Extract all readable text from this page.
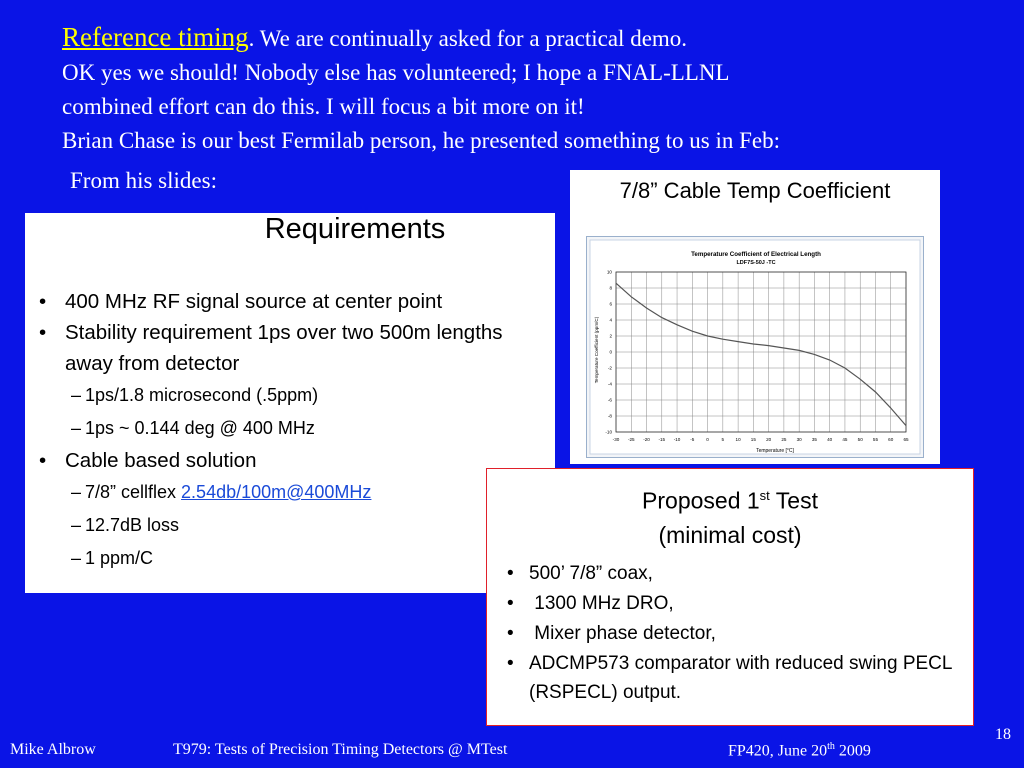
Reference timing. We are continually asked for a practical demo.
OK yes we should! Nobody else has volunteered; I hope a FNAL-LLNL
combined effort can do this. I will focus a bit more on it!
Brian Chase is our best Fermilab person, he presented something to us in Feb:
From his slides:
Requirements
• 400 MHz RF signal source at center point
• Stability requirement 1ps over two 500m lengths away from detector
– 1ps/1.8 microsecond (.5ppm)
– 1ps ~ 0.144 deg @ 400 MHz
• Cable based solution
– 7/8” cellflex 2.54db/100m@400MHz
– 12.7dB loss
– 1 ppm/C
7/8” Cable Temp Coefficient
Temperature Coefficient of Electrical Length
LDF7S-50J -TC
-30 -25 -20 -15 -10 -5	0	5 10 15 20 25 30 35 40 45 50 55 60 65
-10
-8
-6
-4
-2
0
2
4
6
8
10
Temperature [°C]
Temperature Coefficient (ppm/C)
Proposed 1st Test
(minimal cost)
• 500’ 7/8” coax,
• 1300 MHz DRO,
• Mixer phase detector,
• ADCMP573 comparator with reduced swing PECL (RSPECL) output.
18
Mike Albrow	T979: Tests of Precision Timing Detectors @ MTest	FP420, June 20th 2009
